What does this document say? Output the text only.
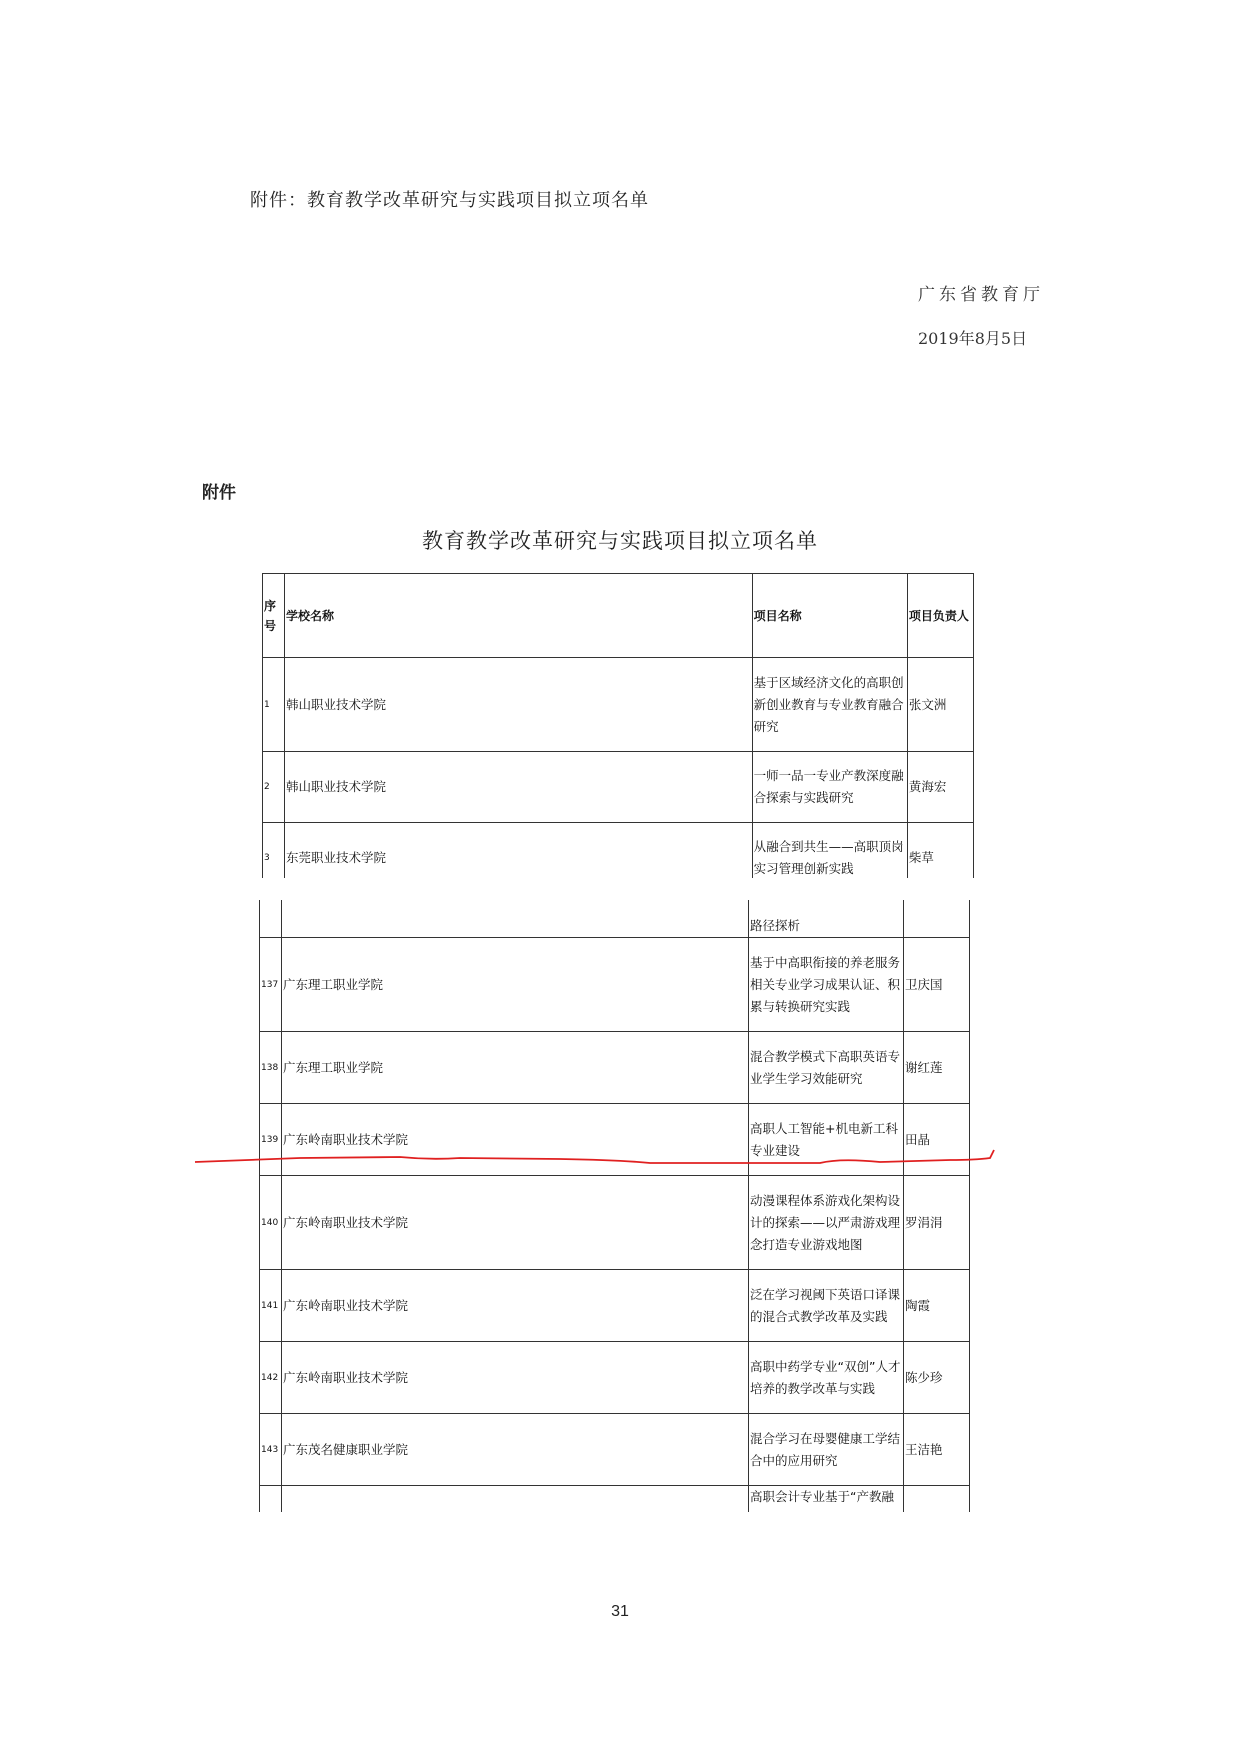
附件：教育教学改革研究与实践项目拟立项名单
广东省教育厅
2019年8月5日
附件
教育教学改革研究与实践项目拟立项名单
序号	学校名称	项目名称	项目负责人
1	韩山职业技术学院	基于区域经济文化的高职创新创业教育与专业教育融合研究	张文洲
2	韩山职业技术学院	一师一品一专业产教深度融合探索与实践研究	黄海宏
3	东莞职业技术学院	从融合到共生——高职顶岗实习管理创新实践	柴草
		路径探析	
137	广东理工职业学院	基于中高职衔接的养老服务相关专业学习成果认证、积累与转换研究实践	卫庆国
138	广东理工职业学院	混合教学模式下高职英语专业学生学习效能研究	谢红莲
139	广东岭南职业技术学院	高职人工智能+机电新工科专业建设	田晶
140	广东岭南职业技术学院	动漫课程体系游戏化架构设计的探索——以严肃游戏理念打造专业游戏地图	罗涓涓
141	广东岭南职业技术学院	泛在学习视阈下英语口译课的混合式教学改革及实践	陶霞
142	广东岭南职业技术学院	高职中药学专业“双创”人才培养的教学改革与实践	陈少珍
143	广东茂名健康职业学院	混合学习在母婴健康工学结合中的应用研究	王洁艳
		高职会计专业基于“产教融	
31
